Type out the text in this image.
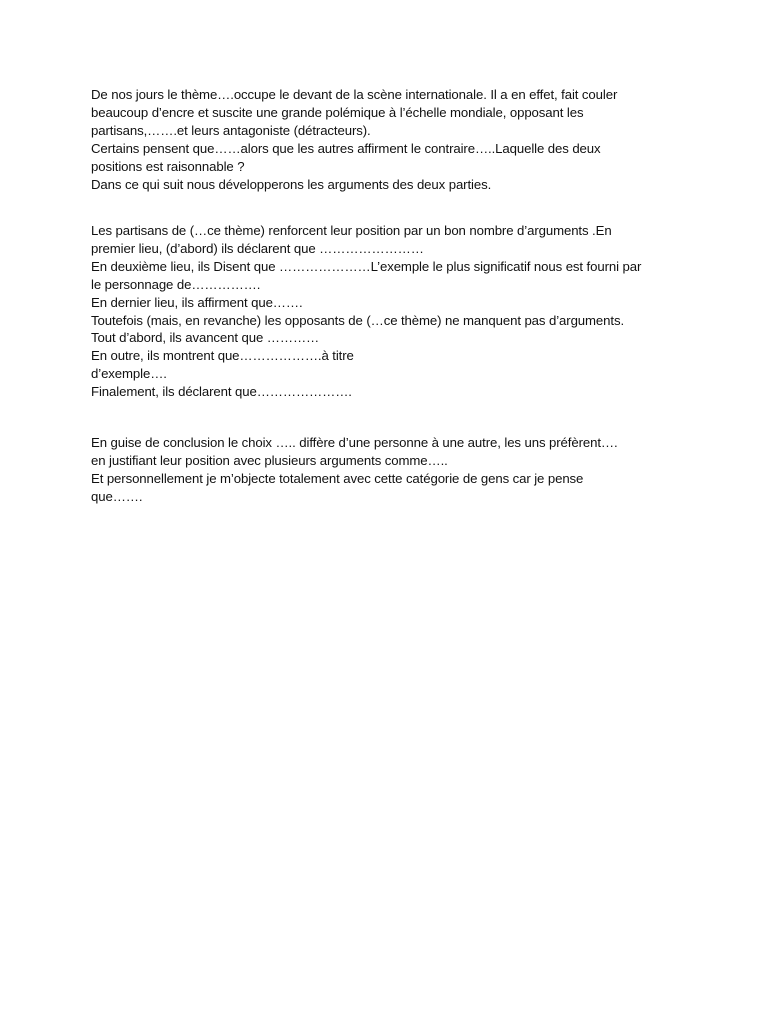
De nos jours le thème….occupe le devant de la scène internationale. Il a en effet, fait couler
beaucoup d’encre et suscite une grande polémique à l’échelle mondiale, opposant les
partisans,…….et leurs antagoniste (détracteurs).
Certains pensent que……alors que les autres affirment le contraire…..Laquelle des deux
positions est raisonnable ?
Dans ce qui suit nous développerons les arguments des deux parties.
Les partisans de (…ce thème) renforcent leur position par un bon nombre d’arguments .En
premier lieu, (d’abord) ils déclarent que ……………………
En deuxième lieu, ils Disent que …………………L’exemple le plus significatif nous est fourni par
le personnage de…………….
En dernier lieu, ils affirment que…….
Toutefois (mais, en revanche) les opposants de (…ce thème) ne manquent pas d’arguments.
Tout d’abord, ils avancent que …………
En outre, ils montrent que……………….à titre
d’exemple….
Finalement, ils déclarent que………………….
En guise de conclusion le choix ….. diffère d’une personne à une autre, les uns préfèrent….
en justifiant leur position avec plusieurs arguments comme…..
Et personnellement je m’objecte totalement avec cette catégorie de gens car je pense
que…….
